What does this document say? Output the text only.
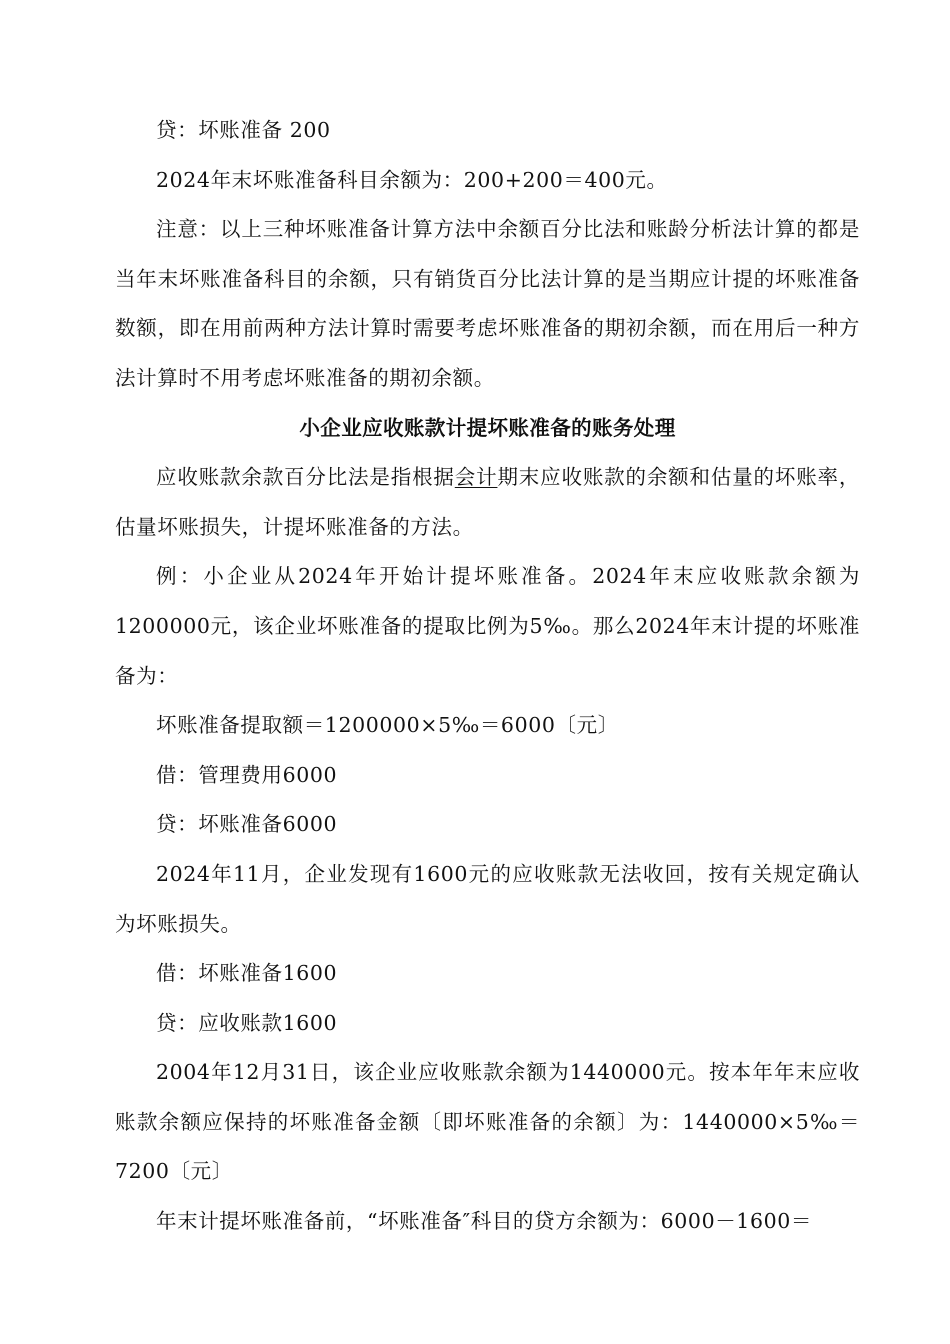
贷：坏账准备 200

2024年末坏账准备科目余额为：200+200＝400元。

注意：以上三种坏账准备计算方法中余额百分比法和账龄分析法计算的都是当年末坏账准备科目的余额，只有销货百分比法计算的是当期应计提的坏账准备数额，即在用前两种方法计算时需要考虑坏账准备的期初余额，而在用后一种方法计算时不用考虑坏账准备的期初余额。

小企业应收账款计提坏账准备的账务处理

应收账款余款百分比法是指根据会计期末应收账款的余额和估量的坏账率，估量坏账损失，计提坏账准备的方法。

例：小企业从2024年开始计提坏账准备。2024年末应收账款余额为1200000元，该企业坏账准备的提取比例为5‰。那么2024年末计提的坏账准备为：

坏账准备提取额＝1200000×5‰＝6000〔元〕

借：管理费用6000

贷：坏账准备6000

2024年11月，企业发现有1600元的应收账款无法收回，按有关规定确认为坏账损失。

借：坏账准备1600

贷：应收账款1600

2004年12月31日，该企业应收账款余额为1440000元。按本年年末应收账款余额应保持的坏账准备金额〔即坏账准备的余额〕为：1440000×5‰＝7200〔元〕

年末计提坏账准备前，“坏账准备″科目的贷方余额为：6000－1600＝
